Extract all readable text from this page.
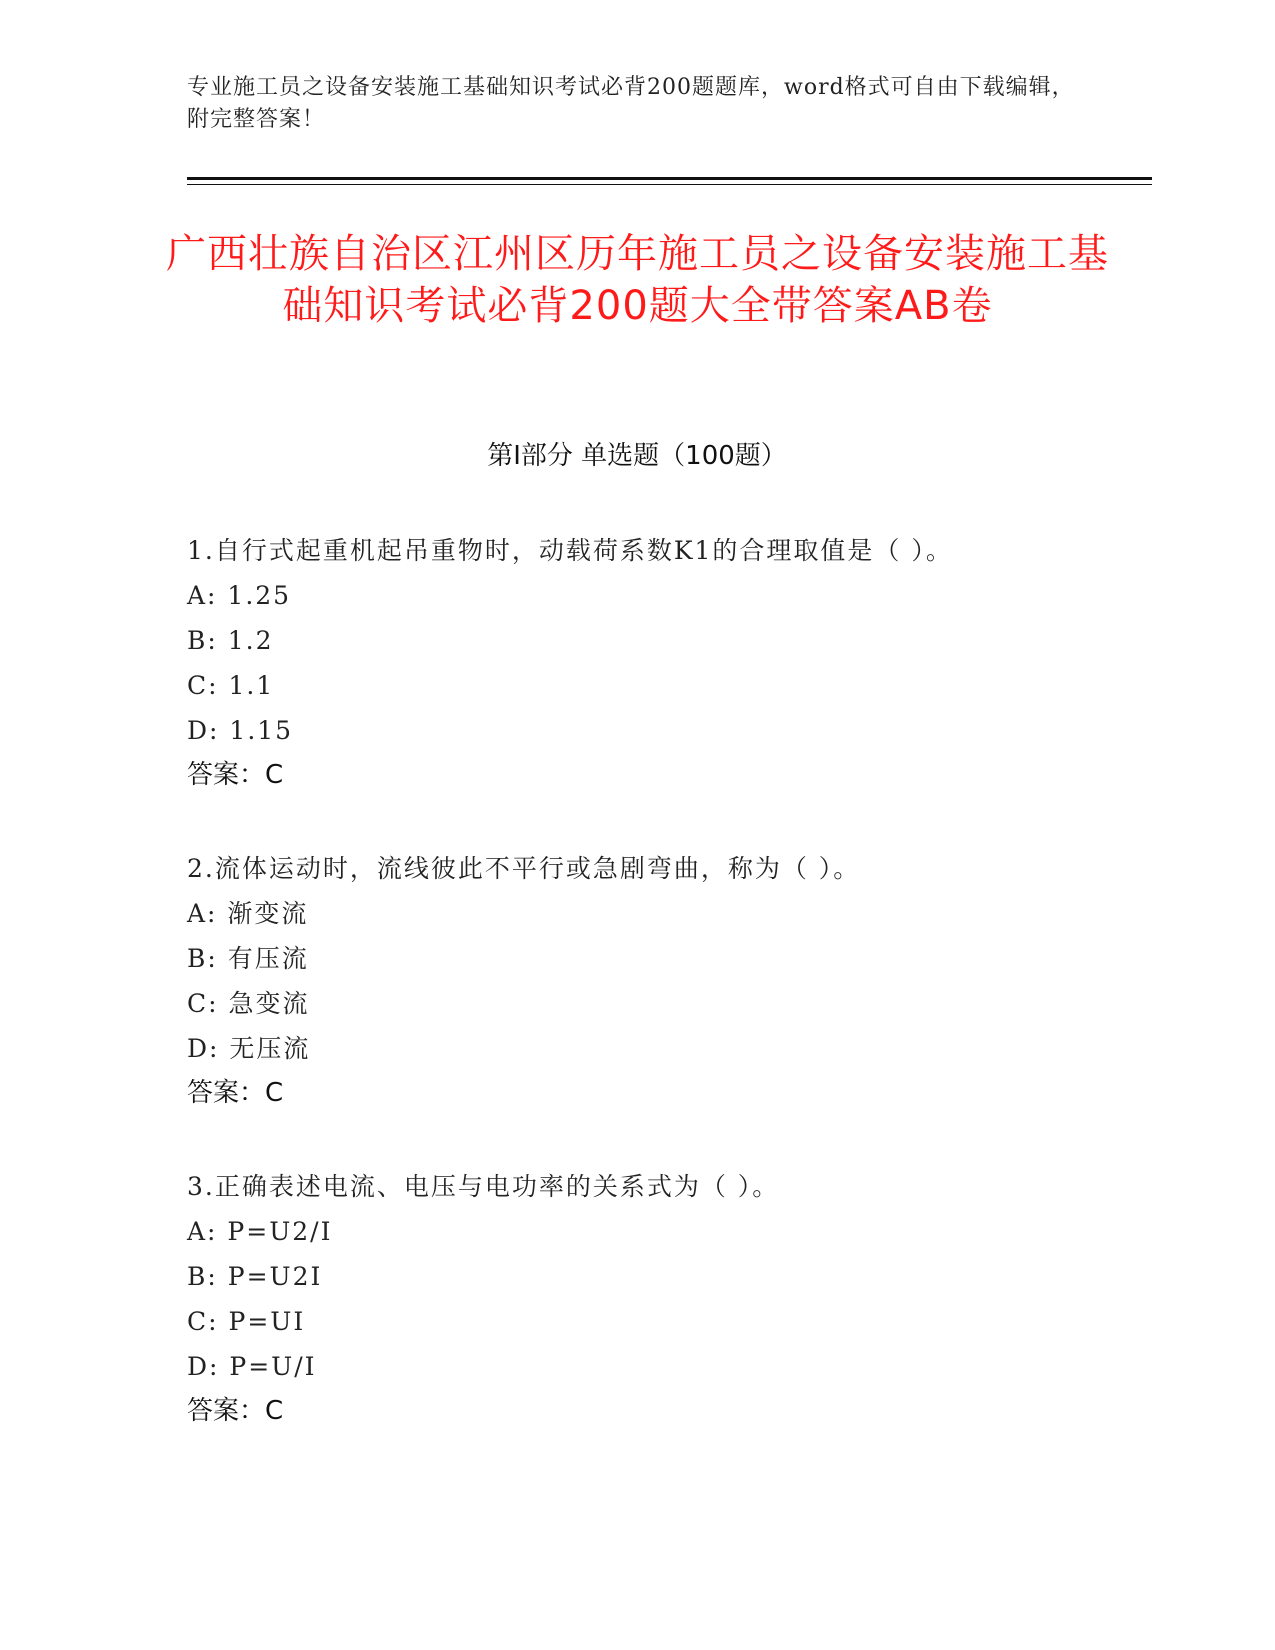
专业施工员之设备安装施工基础知识考试必背200题题库，word格式可自由下载编辑，附完整答案！
广西壮族自治区江州区历年施工员之设备安装施工基础知识考试必背200题大全带答案AB卷
第I部分 单选题（100题）
1.自行式起重机起吊重物时，动载荷系数K1的合理取值是（ ）。
A: 1.25
B: 1.2
C: 1.1
D: 1.15
答案：C
2.流体运动时，流线彼此不平行或急剧弯曲，称为（ ）。
A: 渐变流
B: 有压流
C: 急变流
D: 无压流
答案：C
3.正确表述电流、电压与电功率的关系式为（ ）。
A: P=U2/I
B: P=U2I
C: P=UI
D: P=U/I
答案：C
